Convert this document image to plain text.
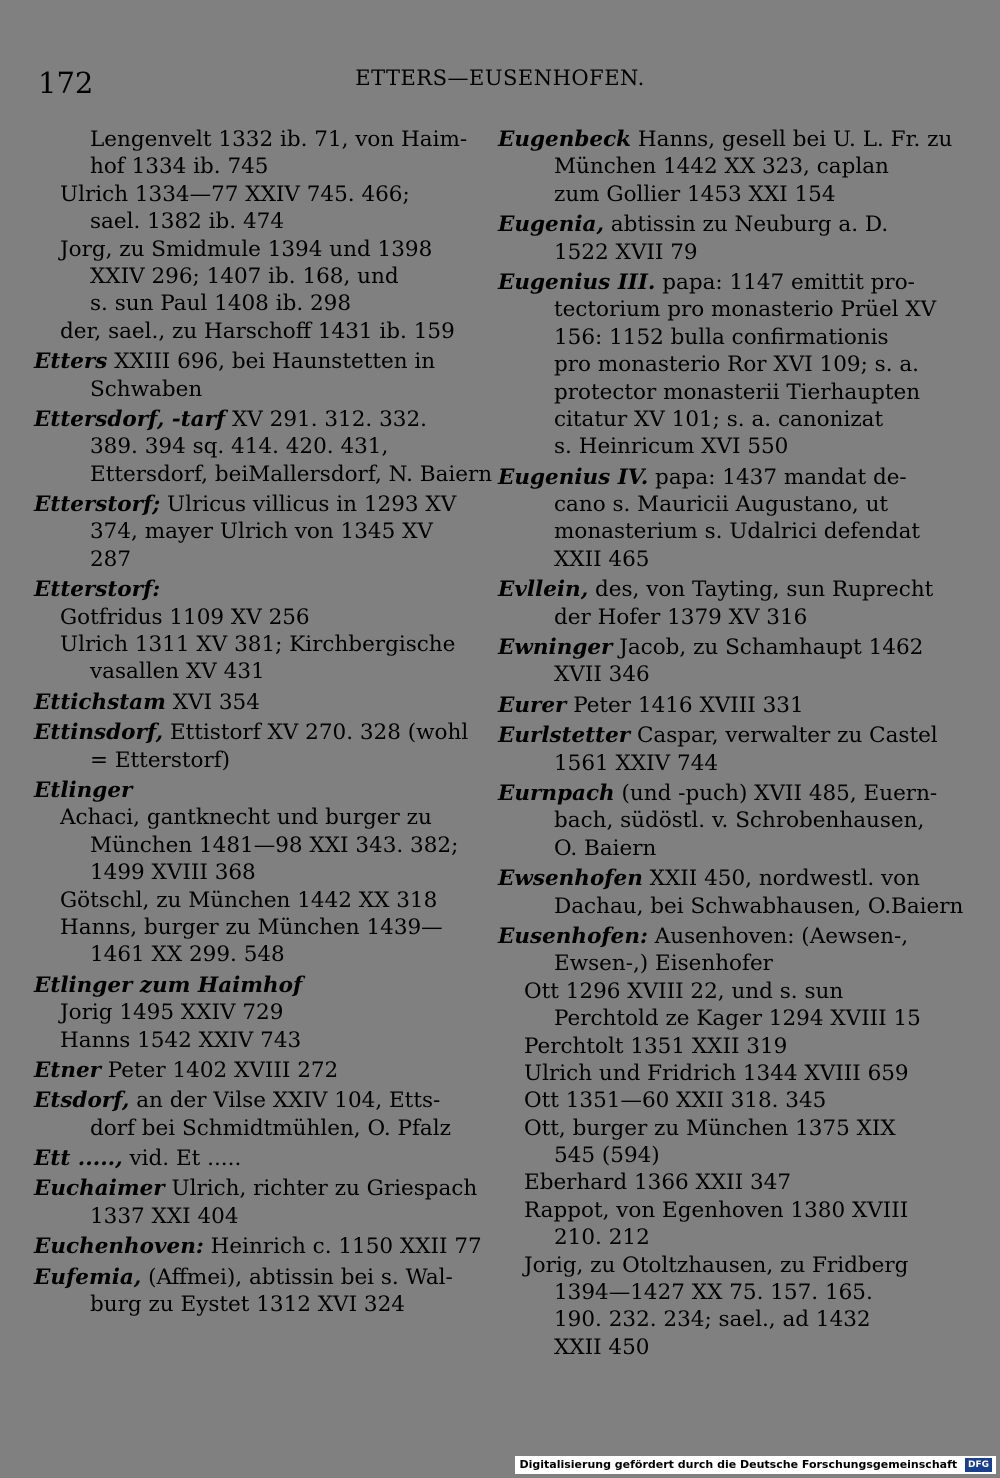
172	ETTERS—EUSENHOFEN.
Lengenvelt 1332 ib. 71, von Haim-
hof 1334 ib. 745
Ulrich 1334—77 XXIV 745. 466;
sael. 1382 ib. 474
Jorg, zu Smidmule 1394 und 1398
XXIV 296; 1407 ib. 168, und
s. sun Paul 1408 ib. 298
der, sael., zu Harschoff 1431 ib. 159
Etters XXIII 696, bei Haunstetten in
Schwaben
Ettersdorf, -tarf XV 291. 312. 332.
389. 394 sq. 414. 420. 431,
Ettersdorf, beiMallersdorf, N. Baiern
Etterstorf; Ulricus villicus in 1293 XV
374, mayer Ulrich von 1345 XV
287
Etterstorf:
Gotfridus 1109 XV 256
Ulrich 1311 XV 381; Kirchbergische
vasallen XV 431
Ettichstam XVI 354
Ettinsdorf, Ettistorf XV 270. 328 (wohl
= Etterstorf)
Etlinger
Achaci, gantknecht und burger zu
München 1481—98 XXI 343. 382;
1499 XVIII 368
Götschl, zu München 1442 XX 318
Hanns, burger zu München 1439—
1461 XX 299. 548
Etlinger zum Haimhof
Jorig 1495 XXIV 729
Hanns 1542 XXIV 743
Etner Peter 1402 XVIII 272
Etsdorf, an der Vilse XXIV 104, Etts-
dorf bei Schmidtmühlen, O. Pfalz
Ett ....., vid. Et .....
Euchaimer Ulrich, richter zu Griespach
1337 XXI 404
Euchenhoven: Heinrich c. 1150 XXII 77
Eufemia, (Affmei), abtissin bei s. Wal-
burg zu Eystet 1312 XVI 324
Eugenbeck Hanns, gesell bei U. L. Fr. zu
München 1442 XX 323, caplan
zum Gollier 1453 XXI 154
Eugenia, abtissin zu Neuburg a. D.
1522 XVII 79
Eugenius III. papa: 1147 emittit pro-
tectorium pro monasterio Prüel XV
156: 1152 bulla confirmationis
pro monasterio Ror XVI 109; s. a.
protector monasterii Tierhaupten
citatur XV 101; s. a. canonizat
s. Heinricum XVI 550
Eugenius IV. papa: 1437 mandat de-
cano s. Mauricii Augustano, ut
monasterium s. Udalrici defendat
XXII 465
Evllein, des, von Tayting, sun Ruprecht
der Hofer 1379 XV 316
Ewninger Jacob, zu Schamhaupt 1462
XVII 346
Eurer Peter 1416 XVIII 331
Eurlstetter Caspar, verwalter zu Castel
1561 XXIV 744
Eurnpach (und -puch) XVII 485, Euern-
bach, südöstl. v. Schrobenhausen,
O. Baiern
Ewsenhofen XXII 450, nordwestl. von
Dachau, bei Schwabhausen, O.Baiern
Eusenhofen: Ausenhoven: (Aewsen-,
Ewsen-,) Eisenhofer
Ott 1296 XVIII 22, und s. sun
Perchtold ze Kager 1294 XVIII 15
Perchtolt 1351 XXII 319
Ulrich und Fridrich 1344 XVIII 659
Ott 1351—60 XXII 318. 345
Ott, burger zu München 1375 XIX
545 (594)
Eberhard 1366 XXII 347
Rappot, von Egenhoven 1380 XVIII
210. 212
Jorig, zu Otoltzhausen, zu Fridberg
1394—1427 XX 75. 157. 165.
190. 232. 234; sael., ad 1432
XXII 450
Digitalisierung gefördert durch die Deutsche Forschungsgemeinschaft DFG
